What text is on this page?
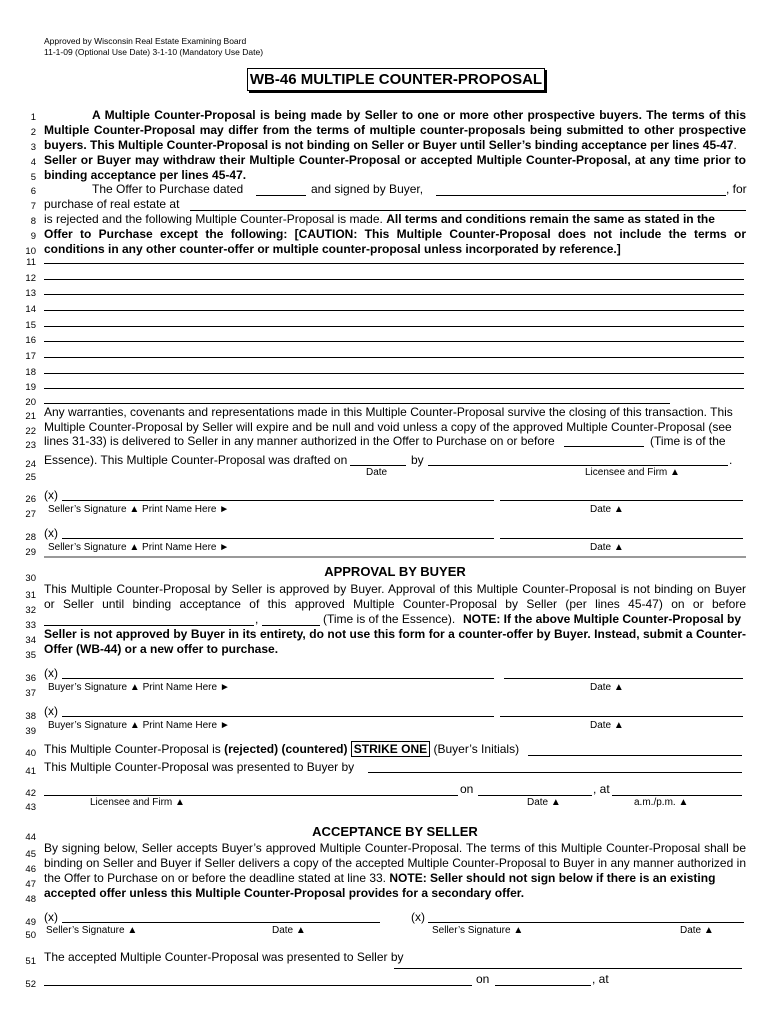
Approved by Wisconsin Real Estate Examining Board
11-1-09 (Optional Use Date) 3-1-10 (Mandatory Use Date)
WB-46 MULTIPLE COUNTER-PROPOSAL
1
2
3
4
5
6
7
8
9
10
11
12
13
14
15
16
17
18
19
20
21
22
23
24
25
26
27
28
29
30
31
32
33
34
35
36
37
38
39
40
41
42
43
44
45
46
47
48
49
50
51
52
A Multiple Counter-Proposal is being made by Seller to one or more other prospective buyers. The terms of this
Multiple Counter-Proposal may differ from the terms of multiple counter-proposals being submitted to other prospective
buyers. This Multiple Counter-Proposal is not binding on Seller or Buyer until Seller’s binding acceptance per lines 45-47.
Seller or Buyer may withdraw their Multiple Counter-Proposal or accepted Multiple Counter-Proposal, at any time prior to
binding acceptance per lines 45-47.
The Offer to Purchase dated	and signed by Buyer,	, for
purchase of real estate at
is rejected and the following Multiple Counter-Proposal is made. All terms and conditions remain the same as stated in the
Offer to Purchase except the following: [CAUTION: This Multiple Counter-Proposal does not include the terms or
conditions in any other counter-offer or multiple counter-proposal unless incorporated by reference.]
Any warranties, covenants and representations made in this Multiple Counter-Proposal survive the closing of this transaction. This
Multiple Counter-Proposal by Seller will expire and be null and void unless a copy of the approved Multiple Counter-Proposal (see
lines 31-33) is delivered to Seller in any manner authorized in the Offer to Purchase on or before	(Time is of the
Essence). This Multiple Counter-Proposal was drafted on	by	.
Date	Licensee and Firm ▲
(x)
Seller’s Signature ▲ Print Name Here ►	Date ▲
(x)
Seller’s Signature ▲ Print Name Here ►	Date ▲
APPROVAL BY BUYER
This Multiple Counter-Proposal by Seller is approved by Buyer. Approval of this Multiple Counter-Proposal is not binding on Buyer
or Seller until binding acceptance of this approved Multiple Counter-Proposal by Seller (per lines 45-47) on or before
,	(Time is of the Essence). NOTE: If the above Multiple Counter-Proposal by
Seller is not approved by Buyer in its entirety, do not use this form for a counter-offer by Buyer. Instead, submit a Counter-
Offer (WB-44) or a new offer to purchase.
(x)
Buyer’s Signature ▲ Print Name Here ►	Date ▲
(x)
Buyer’s Signature ▲ Print Name Here ►	Date ▲
This Multiple Counter-Proposal is (rejected) (countered) STRIKE ONE (Buyer’s Initials)
This Multiple Counter-Proposal was presented to Buyer by
on	, at
Licensee and Firm ▲	Date ▲	a.m./p.m. ▲
ACCEPTANCE BY SELLER
By signing below, Seller accepts Buyer’s approved Multiple Counter-Proposal. The terms of this Multiple Counter-Proposal shall be
binding on Seller and Buyer if Seller delivers a copy of the accepted Multiple Counter-Proposal to Buyer in any manner authorized in
the Offer to Purchase on or before the deadline stated at line 33. NOTE: Seller should not sign below if there is an existing
accepted offer unless this Multiple Counter-Proposal provides for a secondary offer.
(x)	(x)
Seller’s Signature ▲	Date ▲	Seller’s Signature ▲	Date ▲
The accepted Multiple Counter-Proposal was presented to Seller by
on	, at
